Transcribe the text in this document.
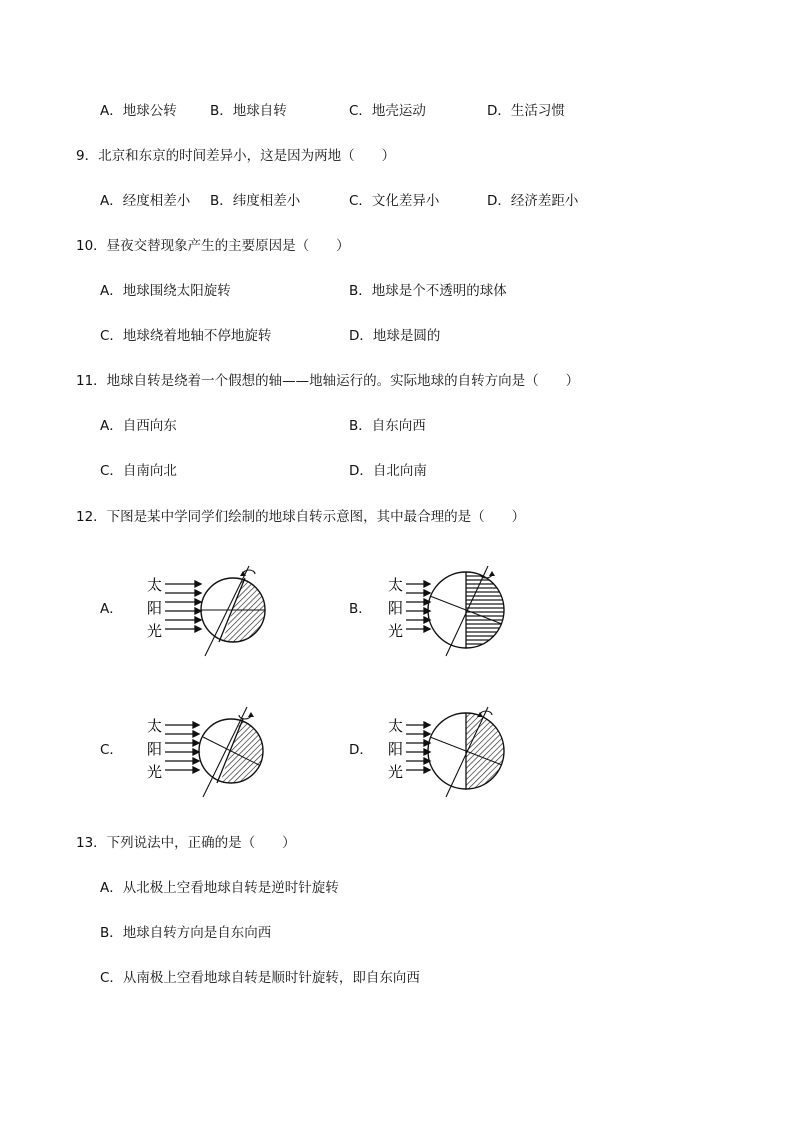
A．地球公转 B．地球自转	C．地壳运动	D．生活习惯
9．北京和东京的时间差异小，这是因为两地（　　）
A．经度相差小 B．纬度相差小	C．文化差异小	D．经济差距小
10．昼夜交替现象产生的主要原因是（　　）
A．地球围绕太阳旋转	B．地球是个不透明的球体
C．地球绕着地轴不停地旋转	D．地球是圆的
11．地球自转是绕着一个假想的轴——地轴运行的。实际地球的自转方向是（　　）
A．自西向东	B．自东向西
C．自南向北	D．自北向南
12．下图是某中学同学们绘制的地球自转示意图，其中最合理的是（　　）
A．
太
阳
光
B．
太
阳
光
C．
太
阳
光
D．
太
阳
光
13．下列说法中，正确的是（　　）
A．从北极上空看地球自转是逆时针旋转
B．地球自转方向是自东向西
C．从南极上空看地球自转是顺时针旋转，即自东向西
